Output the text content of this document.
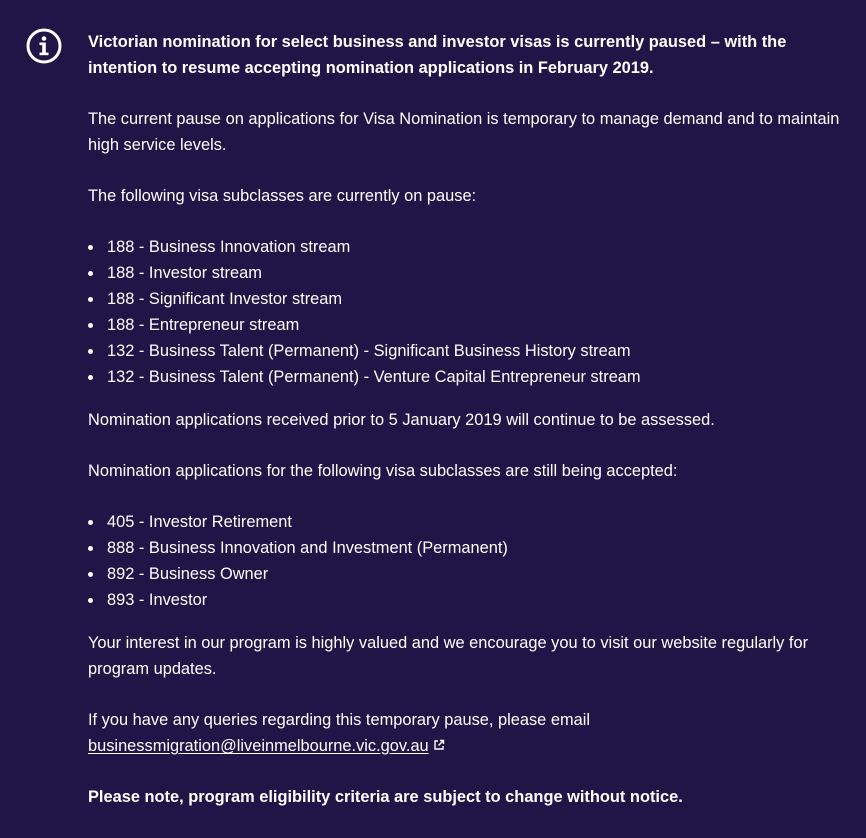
Victorian nomination for select business and investor visas is currently paused – with the intention to resume accepting nomination applications in February 2019.

The current pause on applications for Visa Nomination is temporary to manage demand and to maintain high service levels.

The following visa subclasses are currently on pause:

188 - Business Innovation stream
188 - Investor stream
188 - Significant Investor stream
188 - Entrepreneur stream
132 - Business Talent (Permanent) - Significant Business History stream
132 - Business Talent (Permanent) - Venture Capital Entrepreneur stream

Nomination applications received prior to 5 January 2019 will continue to be assessed.

Nomination applications for the following visa subclasses are still being accepted:

405 - Investor Retirement
888 - Business Innovation and Investment (Permanent)
892 - Business Owner
893 - Investor

Your interest in our program is highly valued and we encourage you to visit our website regularly for program updates.

If you have any queries regarding this temporary pause, please email
businessmigration@liveinmelbourne.vic.gov.au

Please note, program eligibility criteria are subject to change without notice.
